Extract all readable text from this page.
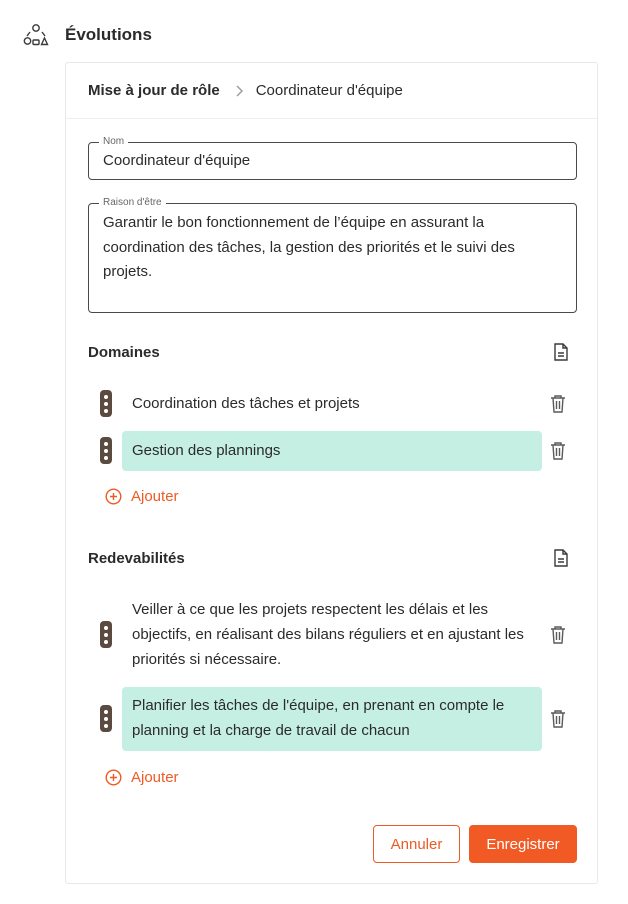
Évolutions
Mise à jour de rôle Coordinateur d'équipe
Nom
Coordinateur d'équipe
Raison d'être
Garantir le bon fonctionnement de l’équipe en assurant la coordination des tâches, la gestion des priorités et le suivi des projets.
Domaines
Coordination des tâches et projets
Gestion des plannings
Ajouter
Redevabilités
Veiller à ce que les projets respectent les délais et les objectifs, en réalisant des bilans réguliers et en ajustant les priorités si nécessaire.
Planifier les tâches de l'équipe, en prenant en compte le planning et la charge de travail de chacun
Ajouter
Annuler	Enregistrer
